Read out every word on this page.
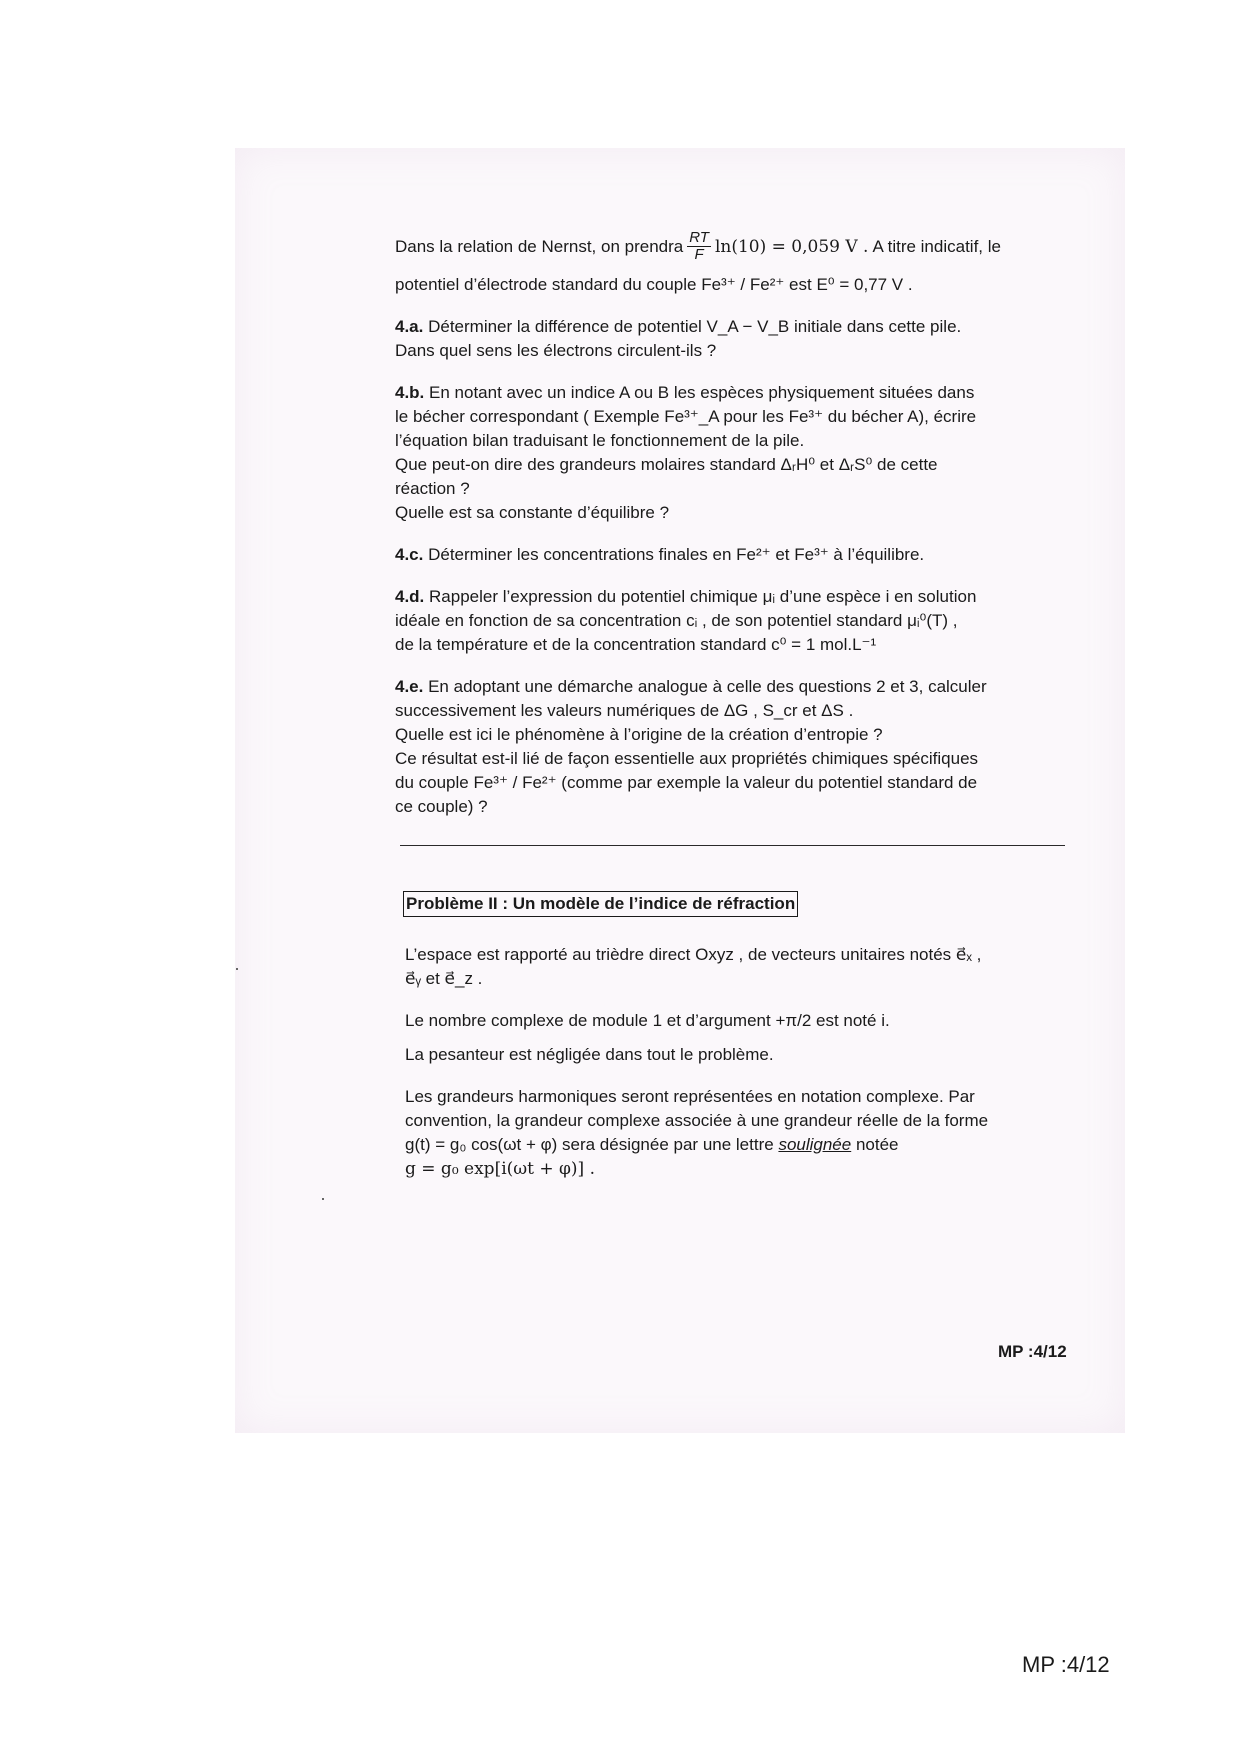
Dans la relation de Nernst, on prendra $\frac{RT}{F} \ln(10) = 0,059$ V . A titre indicatif, le

potentiel d’électrode standard du couple Fe³⁺ / Fe²⁺ est E⁰ = 0,77 V .

4.a. Déterminer la différence de potentiel V_A − V_B initiale dans cette pile.

Dans quel sens les électrons circulent-ils ?

4.b. En notant avec un indice A ou B les espèces physiquement situées dans

le bécher correspondant ( Exemple Fe³⁺_A pour les Fe³⁺ du bécher A), écrire

l’équation bilan traduisant le fonctionnement de la pile.

Que peut-on dire des grandeurs molaires standard ΔᵣH⁰ et ΔᵣS⁰ de cette

réaction ?

Quelle est sa constante d’équilibre ?

4.c. Déterminer les concentrations finales en Fe²⁺ et Fe³⁺ à l’équilibre.

4.d. Rappeler l’expression du potentiel chimique μᵢ d’une espèce i en solution

idéale en fonction de sa concentration cᵢ , de son potentiel standard μᵢ⁰(T) ,

de la température et de la concentration standard c⁰ = 1 mol.L⁻¹

4.e. En adoptant une démarche analogue à celle des questions 2 et 3, calculer

successivement les valeurs numériques de ΔG , S_cr et ΔS .

Quelle est ici le phénomène à l’origine de la création d’entropie ?

Ce résultat est-il lié de façon essentielle aux propriétés chimiques spécifiques

du couple Fe³⁺ / Fe²⁺ (comme par exemple la valeur du potentiel standard de

ce couple) ?

Problème II : Un modèle de l’indice de réfraction

L’espace est rapporté au trièdre direct Oxyz , de vecteurs unitaires notés e⃗ₓ ,

e⃗ᵧ et e⃗_z .

Le nombre complexe de module 1 et d’argument +π/2 est noté i.

La pesanteur est négligée dans tout le problème.

Les grandeurs harmoniques seront représentées en notation complexe. Par

convention, la grandeur complexe associée à une grandeur réelle de la forme

g(t) = g₀ cos(ωt + φ) sera désignée par une lettre soulignée notée

g = g₀ exp[i(ωt + φ)] .

MP :4/12
MP :4/12
